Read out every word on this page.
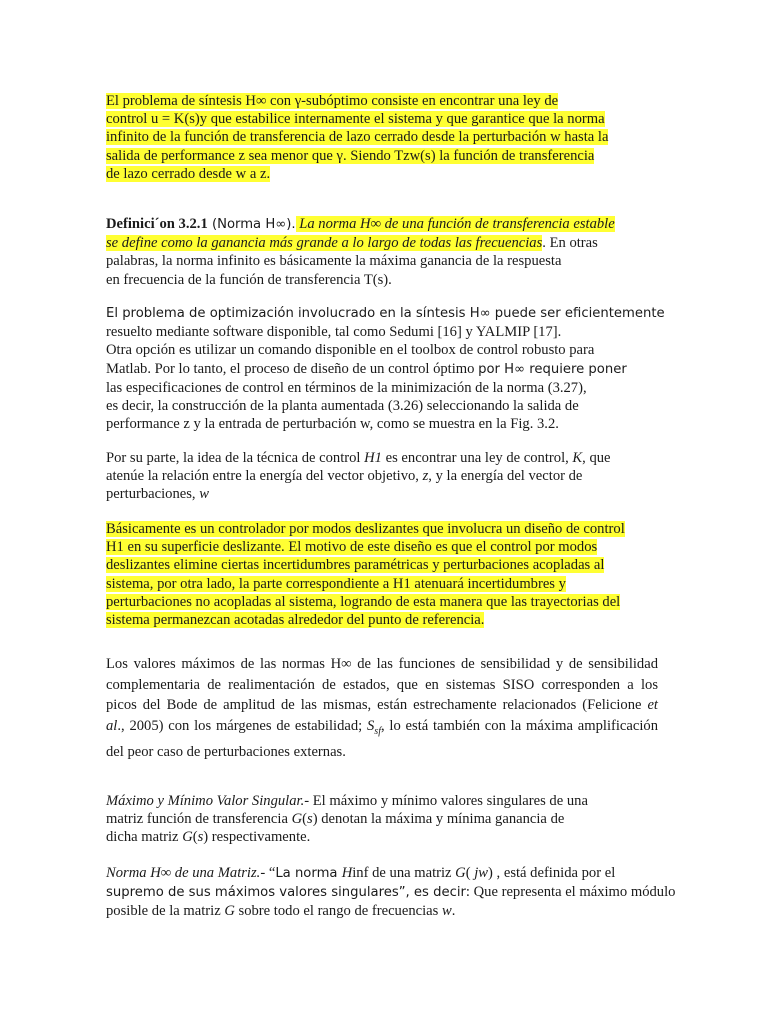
El problema de síntesis H∞ con γ-subóptimo consiste en encontrar una ley de
control u = K(s)y que estabilice internamente el sistema y que garantice que la norma
infinito de la función de transferencia de lazo cerrado desde la perturbación w hasta la
salida de performance z sea menor que γ. Siendo Tzw(s) la función de transferencia
de lazo cerrado desde w a z.
Definici´on 3.2.1 (Norma H∞). La norma H∞ de una función de transferencia estable
se define como la ganancia más grande a lo largo de todas las frecuencias. En otras
palabras, la norma infinito es básicamente la máxima ganancia de la respuesta
en frecuencia de la función de transferencia T(s).
El problema de optimización involucrado en la síntesis H∞ puede ser eficientemente
resuelto mediante software disponible, tal como Sedumi [16] y YALMIP [17].
Otra opción es utilizar un comando disponible en el toolbox de control robusto para
Matlab. Por lo tanto, el proceso de diseño de un control óptimo por H∞ requiere poner
las especificaciones de control en términos de la minimización de la norma (3.27),
es decir, la construcción de la planta aumentada (3.26) seleccionando la salida de
performance z y la entrada de perturbación w, como se muestra en la Fig. 3.2.
Por su parte, la idea de la técnica de control H1 es encontrar una ley de control, K, que
atenúe la relación entre la energía del vector objetivo, z, y la energía del vector de
perturbaciones, w
Básicamente es un controlador por modos deslizantes que involucra un diseño de control
H1 en su superficie deslizante. El motivo de este diseño es que el control por modos
deslizantes elimine ciertas incertidumbres paramétricas y perturbaciones acopladas al
sistema, por otra lado, la parte correspondiente a H1 atenuará incertidumbres y
perturbaciones no acopladas al sistema, logrando de esta manera que las trayectorias del
sistema permanezcan acotadas alrededor del punto de referencia.
Los valores máximos de las normas H∞ de las funciones de sensibilidad y de sensibilidad
complementaria de realimentación de estados, que en sistemas SISO corresponden a los
picos del Bode de amplitud de las mismas, están estrechamente relacionados (Felicione et
al., 2005) con los márgenes de estabilidad; $S_{sf}$, lo está también con la máxima amplificación
del peor caso de perturbaciones externas.
Máximo y Mínimo Valor Singular.- El máximo y mínimo valores singulares de una
matriz función de transferencia G(s) denotan la máxima y mínima ganancia de
dicha matriz G(s) respectivamente.
Norma H∞ de una Matriz.- “La norma Hinf de una matriz G( jw) , está definida por el
supremo de sus máximos valores singulares”, es decir: Que representa el máximo módulo
posible de la matriz G sobre todo el rango de frecuencias w.
